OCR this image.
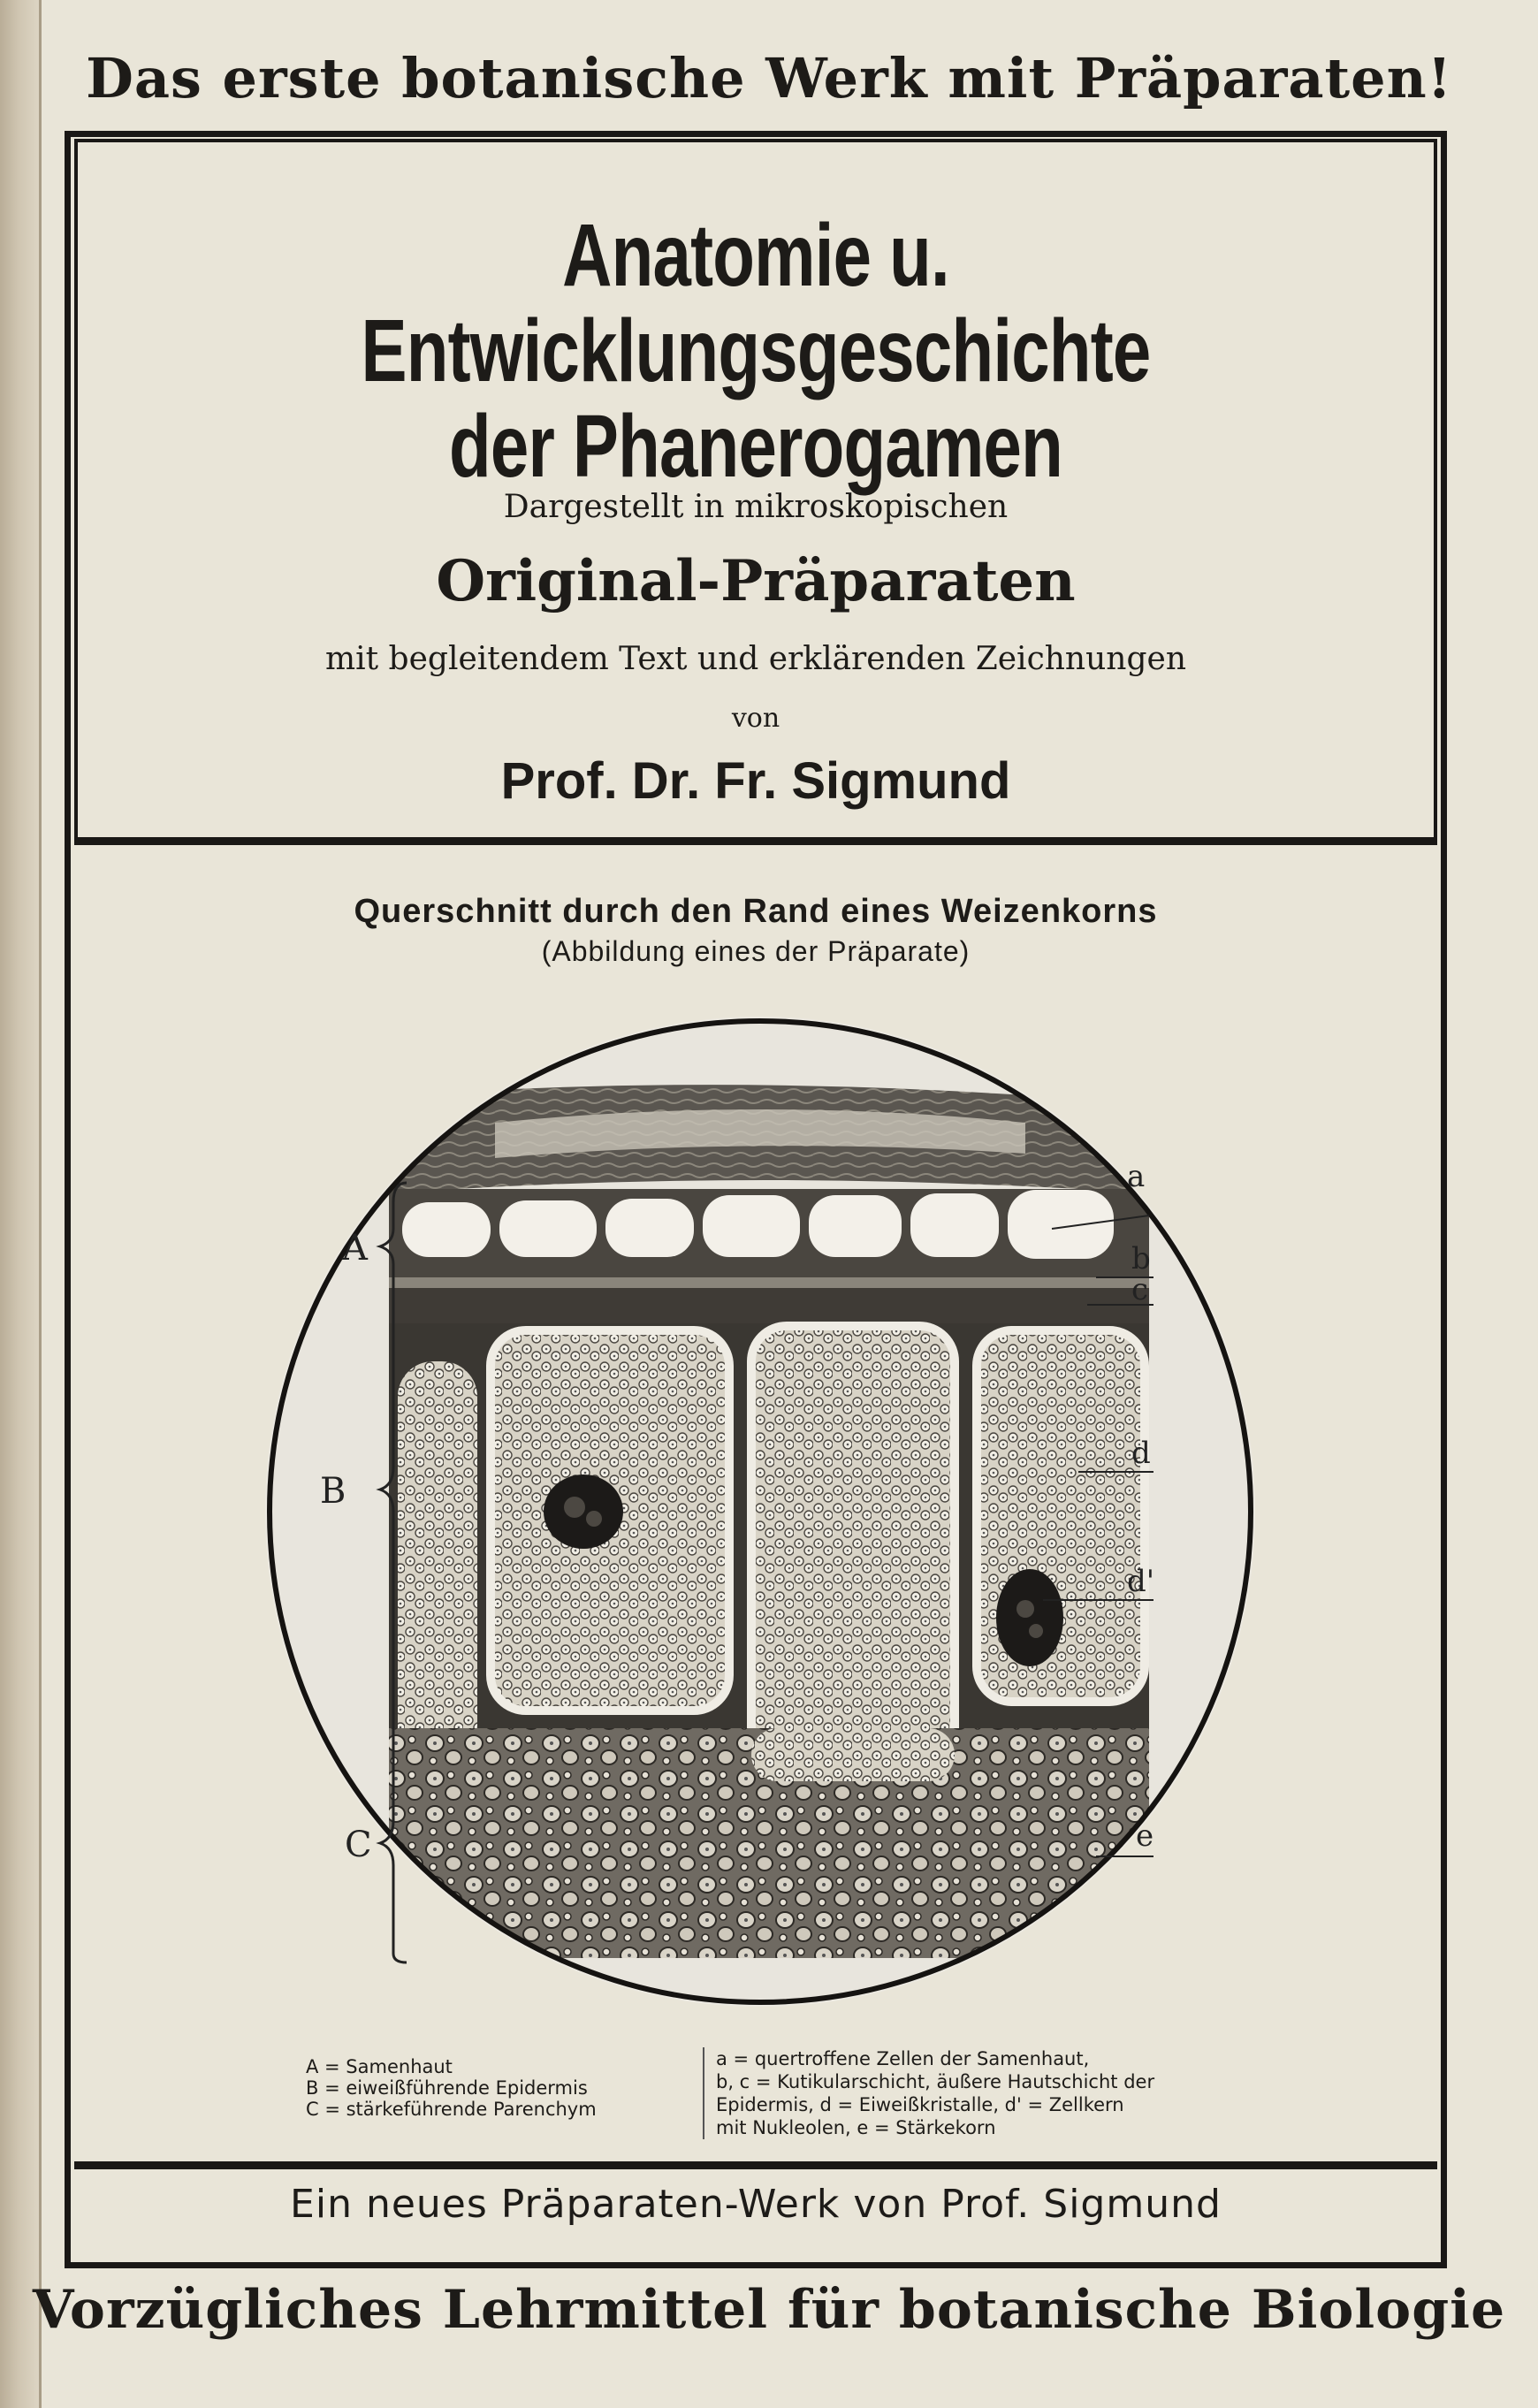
Das erste botanische Werk mit Präparaten!
Anatomie u. Entwicklungsgeschichte
der Phanerogamen
Dargestellt in mikroskopischen
Original-Präparaten
mit begleitendem Text und erklärenden Zeichnungen
von
Prof. Dr. Fr. Sigmund
Querschnitt durch den Rand eines Weizenkorns
(Abbildung eines der Präparate)
A
B
C
a
b
c
d
d'
e
A = Samenhaut
B = eiweißführende Epidermis
C = stärkeführende Parenchym
a = quertroffene Zellen der Samenhaut,
b, c = Kutikularschicht, äußere Hautschicht der
Epidermis, d = Eiweißkristalle, d' = Zellkern
mit Nukleolen, e = Stärkekorn
Ein neues Präparaten-Werk von Prof. Sigmund
Vorzügliches Lehrmittel für botanische Biologie
